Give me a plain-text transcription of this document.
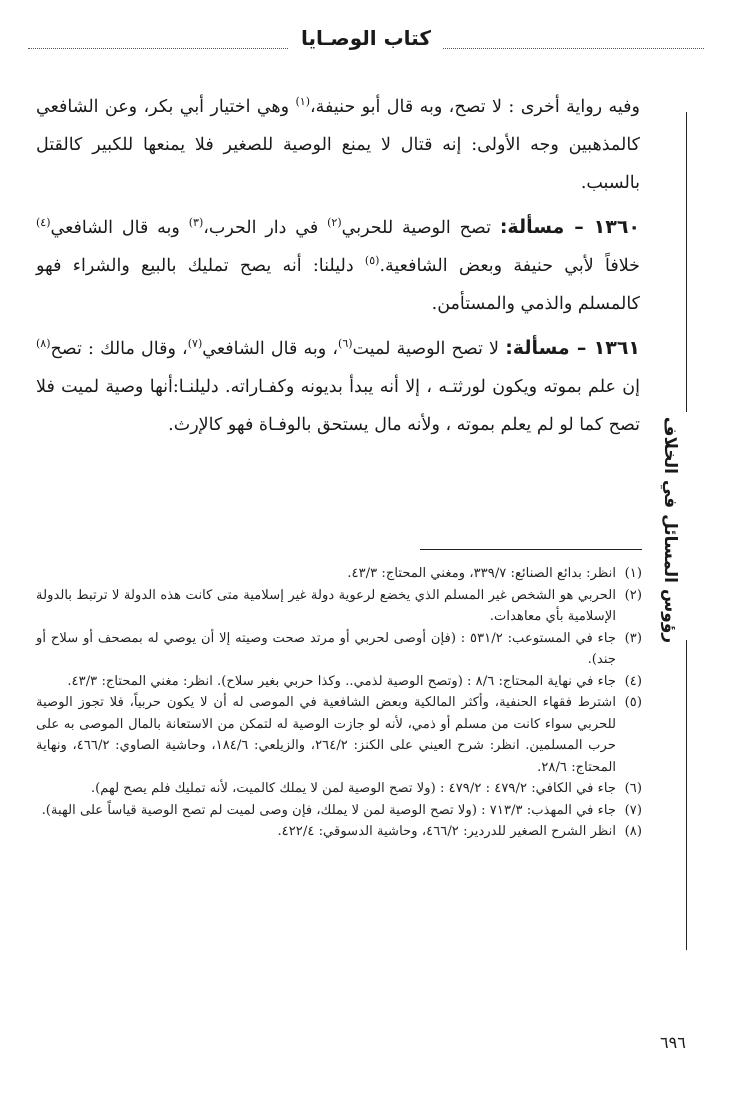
كتاب الوصـايا
رؤوس المسائل في الخلاف

وفيه رواية أخرى : لا تصح، وبه قال أبو حنيفة،$^{(١)}$ وهي اختيار أبي بكر، وعن الشافعي كالمذهبين وجه الأولى: إنه قتال لا يمنع الوصية للصغير فلا يمنعها للكبير كالقتل بالسبب.

١٣٦٠ – مسألة: تصح الوصية للحربي$^{(٢)}$ في دار الحرب،$^{(٣)}$ وبه قال الشافعي$^{(٤)}$ خلافاً لأبي حنيفة وبعض الشافعية.$^{(٥)}$ دليلنا: أنه يصح تمليك بالبيع والشراء فهو كالمسلم والذمي والمستأمن.

١٣٦١ – مسألة: لا تصح الوصية لميت$^{(٦)}$، وبه قال الشافعي$^{(٧)}$، وقال مالك : تصح$^{(٨)}$ إن علم بموته ويكون لورثتـه ، إلا أنه يبدأ بديونه وكفـاراته. دليلنـا:أنها وصية لميت فلا تصح كما لو لم يعلم بموته ، ولأنه مال يستحق بالوفـاة فهو كالإرث.

(١)
انظر: بدائع الصنائع: ٣٣٩/٧، ومغني المحتاج: ٤٣/٣.

(٢)
الحربي هو الشخص غير المسلم الذي يخضع لرعوية دولة غير إسلامية متى كانت هذه الدولة لا ترتبط بالدولة الإسلامية بأي معاهدات.

(٣)
جاء في المستوعب: ٥٣١/٢ : (فإن أوصى لحربي أو مرتد صحت وصيته إلا أن يوصي له بمصحف أو سلاح أو جند).

(٤)
جاء في نهاية المحتاج: ٨/٦ : (وتصح الوصية لذمي.. وكذا حربي بغير سلاح). انظر: مغني المحتاج: ٤٣/٣.

(٥)
اشترط فقهاء الحنفية، وأكثر المالكية وبعض الشافعية في الموصى له أن لا يكون حربياً، فلا تجوز الوصية للحربي سواء كانت من مسلم أو ذمي، لأنه لو جازت الوصية له لتمكن من الاستعانة بالمال الموصى به على حرب المسلمين. انظر: شرح العيني على الكنز: ٢٦٤/٢، والزيلعي: ١٨٤/٦، وحاشية الصاوي: ٤٦٦/٢، ونهاية المحتاج: ٢٨/٦.

(٦)
جاء في الكافي: ٤٧٩/٢ : ٤٧٩/٢ : (ولا تصح الوصية لمن لا يملك كالميت، لأنه تمليك فلم يصح لهم).

(٧)
جاء في المهذب: ٧١٣/٣ : (ولا تصح الوصية لمن لا يملك، فإن وصى لميت لم تصح الوصية قياساً على الهبة).

(٨)
انظر الشرح الصغير للدردير: ٤٦٦/٢، وحاشية الدسوقي: ٤٢٢/٤.

٦٩٦
